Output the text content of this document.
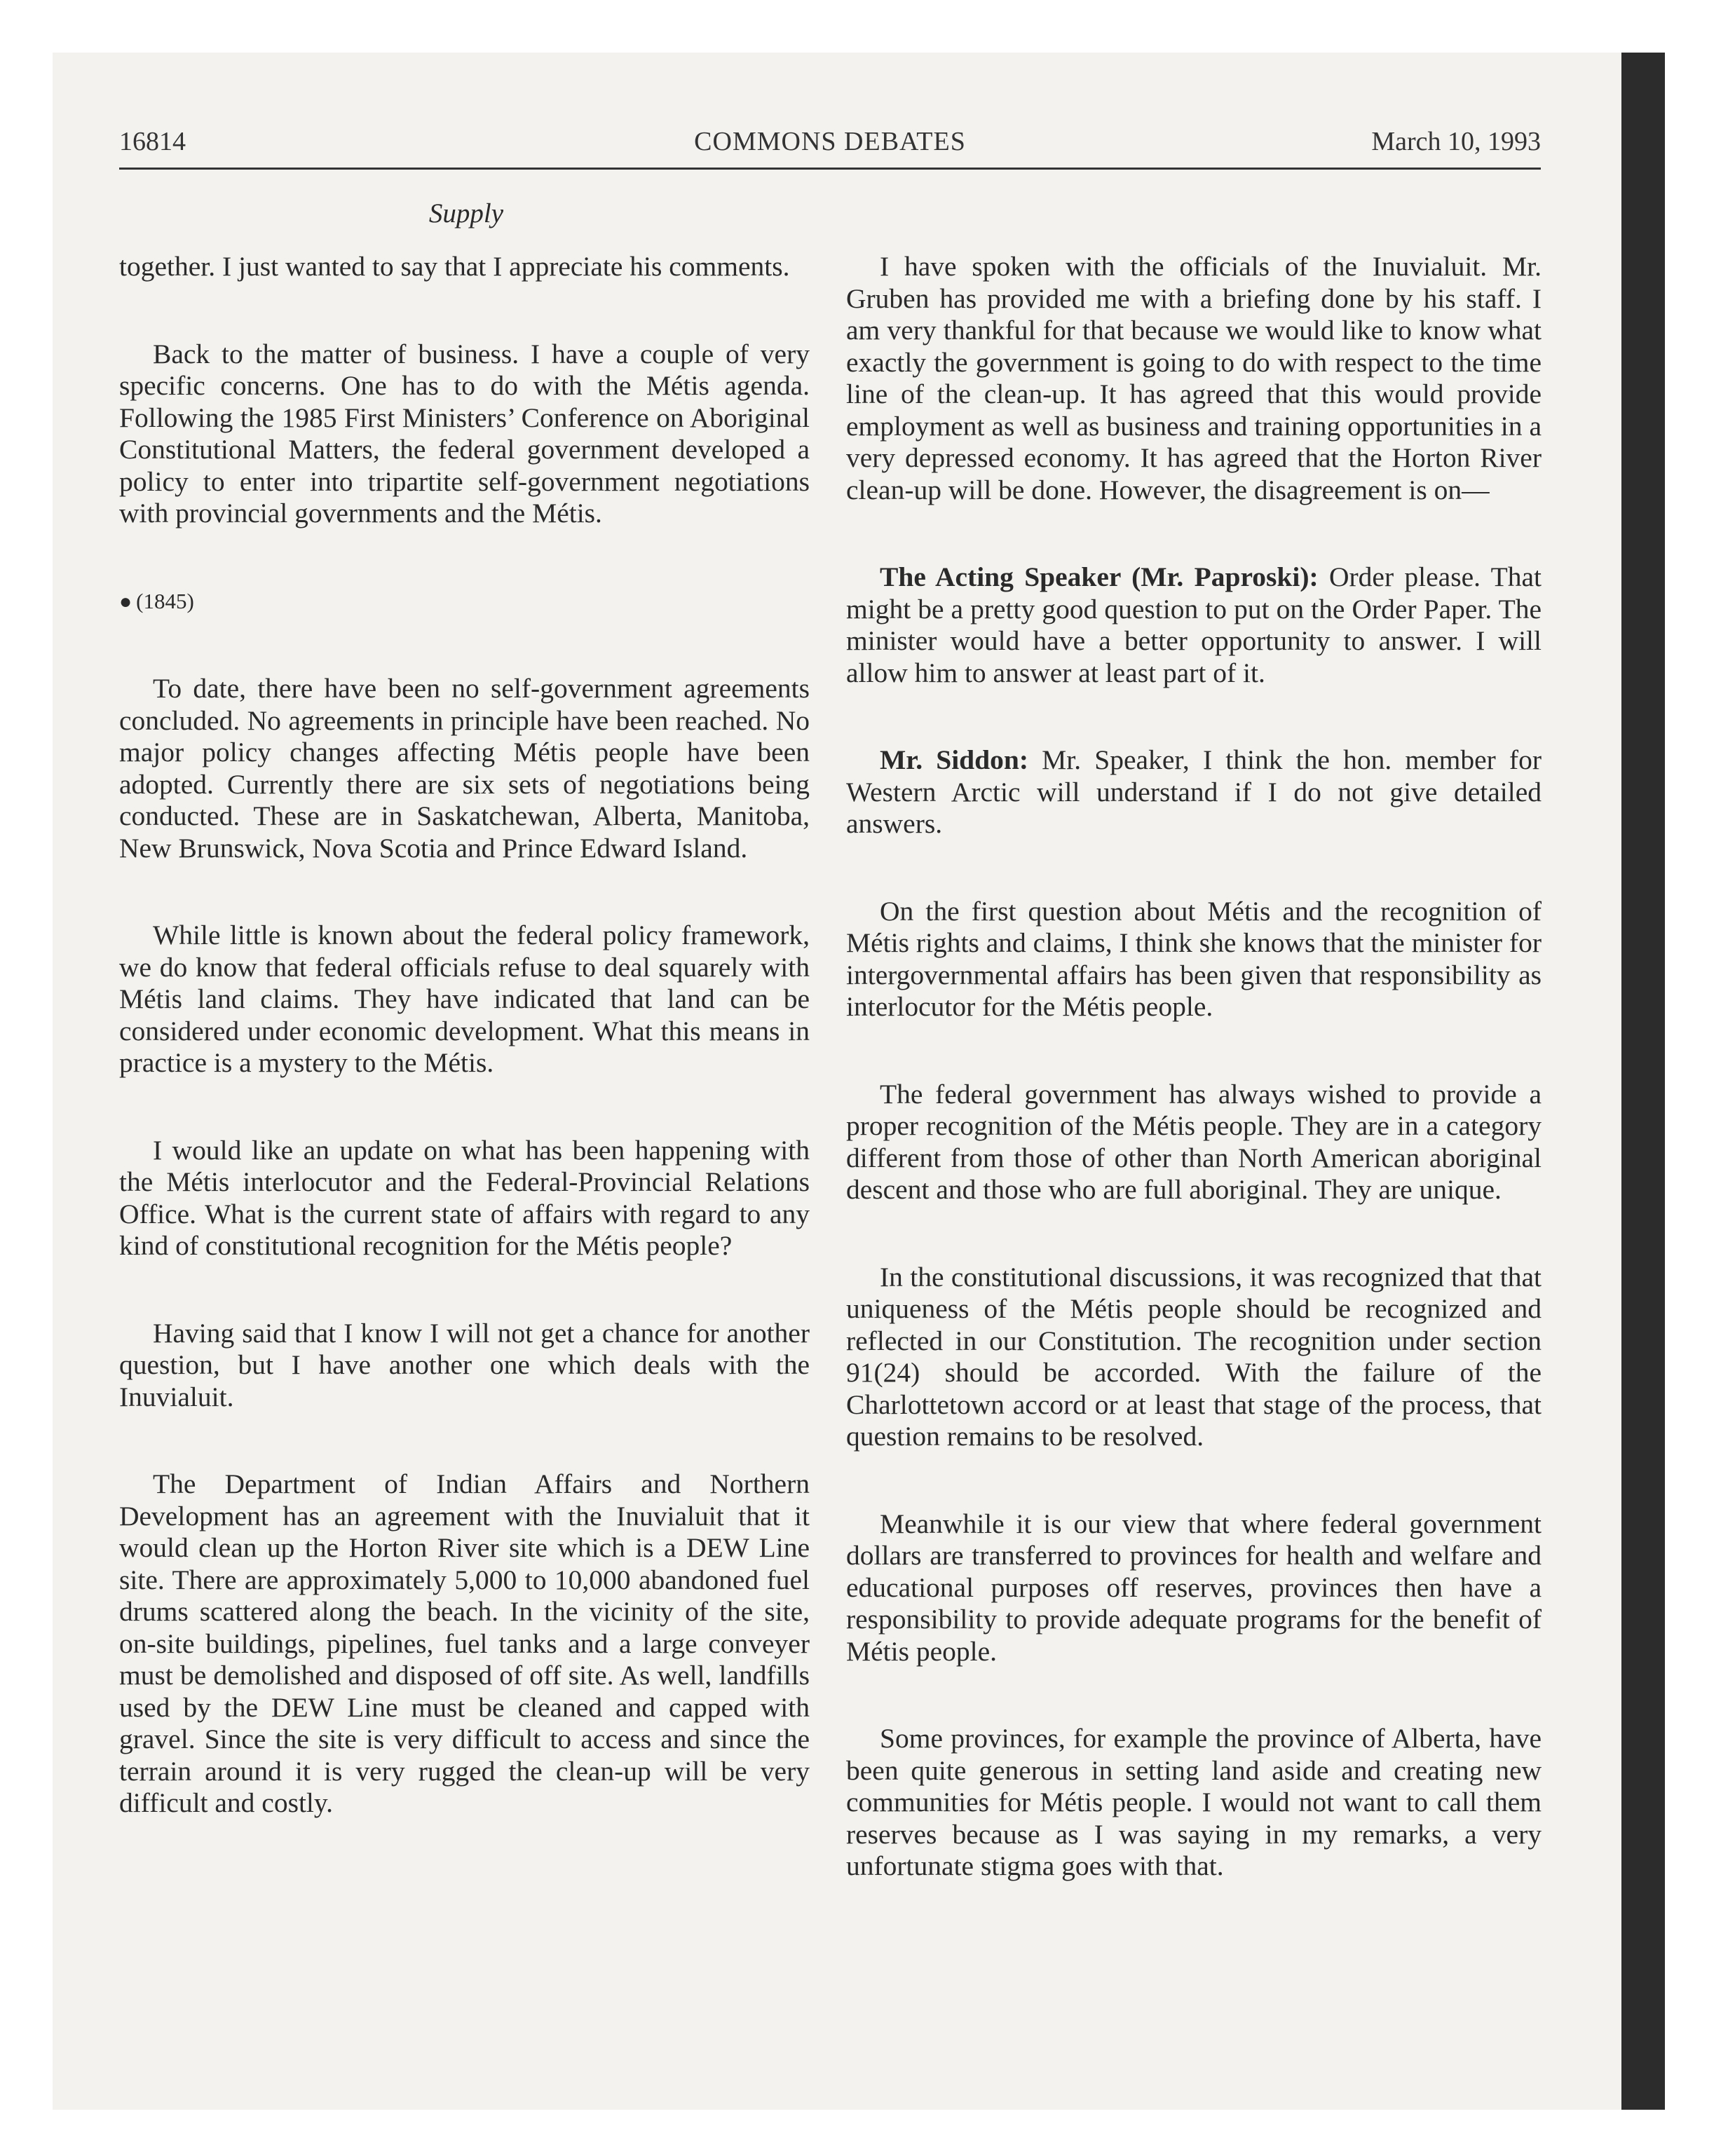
16814	COMMONS DEBATES	March 10, 1993
Supply

together. I just wanted to say that I appreciate his comments.

Back to the matter of business. I have a couple of very specific concerns. One has to do with the Métis agenda. Following the 1985 First Ministers’ Conference on Aboriginal Constitutional Matters, the federal government developed a policy to enter into tripartite self-government negotiations with provincial governments and the Métis.

● (1845)

To date, there have been no self-government agreements concluded. No agreements in principle have been reached. No major policy changes affecting Métis people have been adopted. Currently there are six sets of negotiations being conducted. These are in Saskatchewan, Alberta, Manitoba, New Brunswick, Nova Scotia and Prince Edward Island.

While little is known about the federal policy framework, we do know that federal officials refuse to deal squarely with Métis land claims. They have indicated that land can be considered under economic development. What this means in practice is a mystery to the Métis.

I would like an update on what has been happening with the Métis interlocutor and the Federal-Provincial Relations Office. What is the current state of affairs with regard to any kind of constitutional recognition for the Métis people?

Having said that I know I will not get a chance for another question, but I have another one which deals with the Inuvialuit.

The Department of Indian Affairs and Northern Development has an agreement with the Inuvialuit that it would clean up the Horton River site which is a DEW Line site. There are approximately 5,000 to 10,000 abandoned fuel drums scattered along the beach. In the vicinity of the site, on-site buildings, pipelines, fuel tanks and a large conveyer must be demolished and disposed of off site. As well, landfills used by the DEW Line must be cleaned and capped with gravel. Since the site is very difficult to access and since the terrain around it is very rugged the clean-up will be very difficult and costly.

I have spoken with the officials of the Inuvialuit. Mr. Gruben has provided me with a briefing done by his staff. I am very thankful for that because we would like to know what exactly the government is going to do with respect to the time line of the clean-up. It has agreed that this would provide employment as well as business and training opportunities in a very depressed economy. It has agreed that the Horton River clean-up will be done. However, the disagreement is on—

The Acting Speaker (Mr. Paproski): Order please. That might be a pretty good question to put on the Order Paper. The minister would have a better opportunity to answer. I will allow him to answer at least part of it.

Mr. Siddon: Mr. Speaker, I think the hon. member for Western Arctic will understand if I do not give detailed answers.

On the first question about Métis and the recognition of Métis rights and claims, I think she knows that the minister for intergovernmental affairs has been given that responsibility as interlocutor for the Métis people.

The federal government has always wished to provide a proper recognition of the Métis people. They are in a category different from those of other than North American aboriginal descent and those who are full aboriginal. They are unique.

In the constitutional discussions, it was recognized that that uniqueness of the Métis people should be recognized and reflected in our Constitution. The recognition under section 91(24) should be accorded. With the failure of the Charlottetown accord or at least that stage of the process, that question remains to be resolved.

Meanwhile it is our view that where federal government dollars are transferred to provinces for health and welfare and educational purposes off reserves, provinces then have a responsibility to provide adequate programs for the benefit of Métis people.

Some provinces, for example the province of Alberta, have been quite generous in setting land aside and creating new communities for Métis people. I would not want to call them reserves because as I was saying in my remarks, a very unfortunate stigma goes with that.
